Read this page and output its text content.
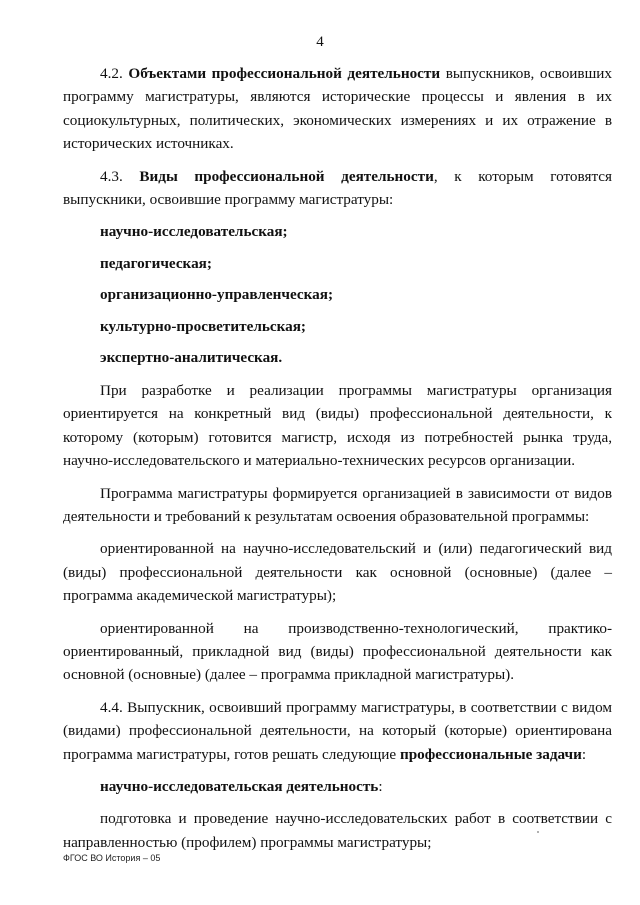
4

4.2. Объектами профессиональной деятельности выпускников, освоивших программу магистратуры, являются исторические процессы и явления в их социокультурных, политических, экономических измерениях и их отражение в исторических источниках.

4.3. Виды профессиональной деятельности, к которым готовятся выпускники, освоившие программу магистратуры:

научно-исследовательская;

педагогическая;

организационно-управленческая;

культурно-просветительская;

экспертно-аналитическая.

При разработке и реализации программы магистратуры организация ориентируется на конкретный вид (виды) профессиональной деятельности, к которому (которым) готовится магистр, исходя из потребностей рынка труда, научно-исследовательского и материально-технических ресурсов организации.

Программа магистратуры формируется организацией в зависимости от видов деятельности и требований к результатам освоения образовательной программы:

ориентированной на научно-исследовательский и (или) педагогический вид (виды) профессиональной деятельности как основной (основные) (далее – программа академической магистратуры);

ориентированной на производственно-технологический, практико-ориентированный, прикладной вид (виды) профессиональной деятельности как основной (основные) (далее – программа прикладной магистратуры).

4.4. Выпускник, освоивший программу магистратуры, в соответствии с видом (видами) профессиональной деятельности, на который (которые) ориентирована программа магистратуры, готов решать следующие профессиональные задачи:

научно-исследовательская деятельность:

подготовка и проведение научно-исследовательских работ в соответствии с направленностью (профилем) программы магистратуры;

ФГОС ВО История – 05
